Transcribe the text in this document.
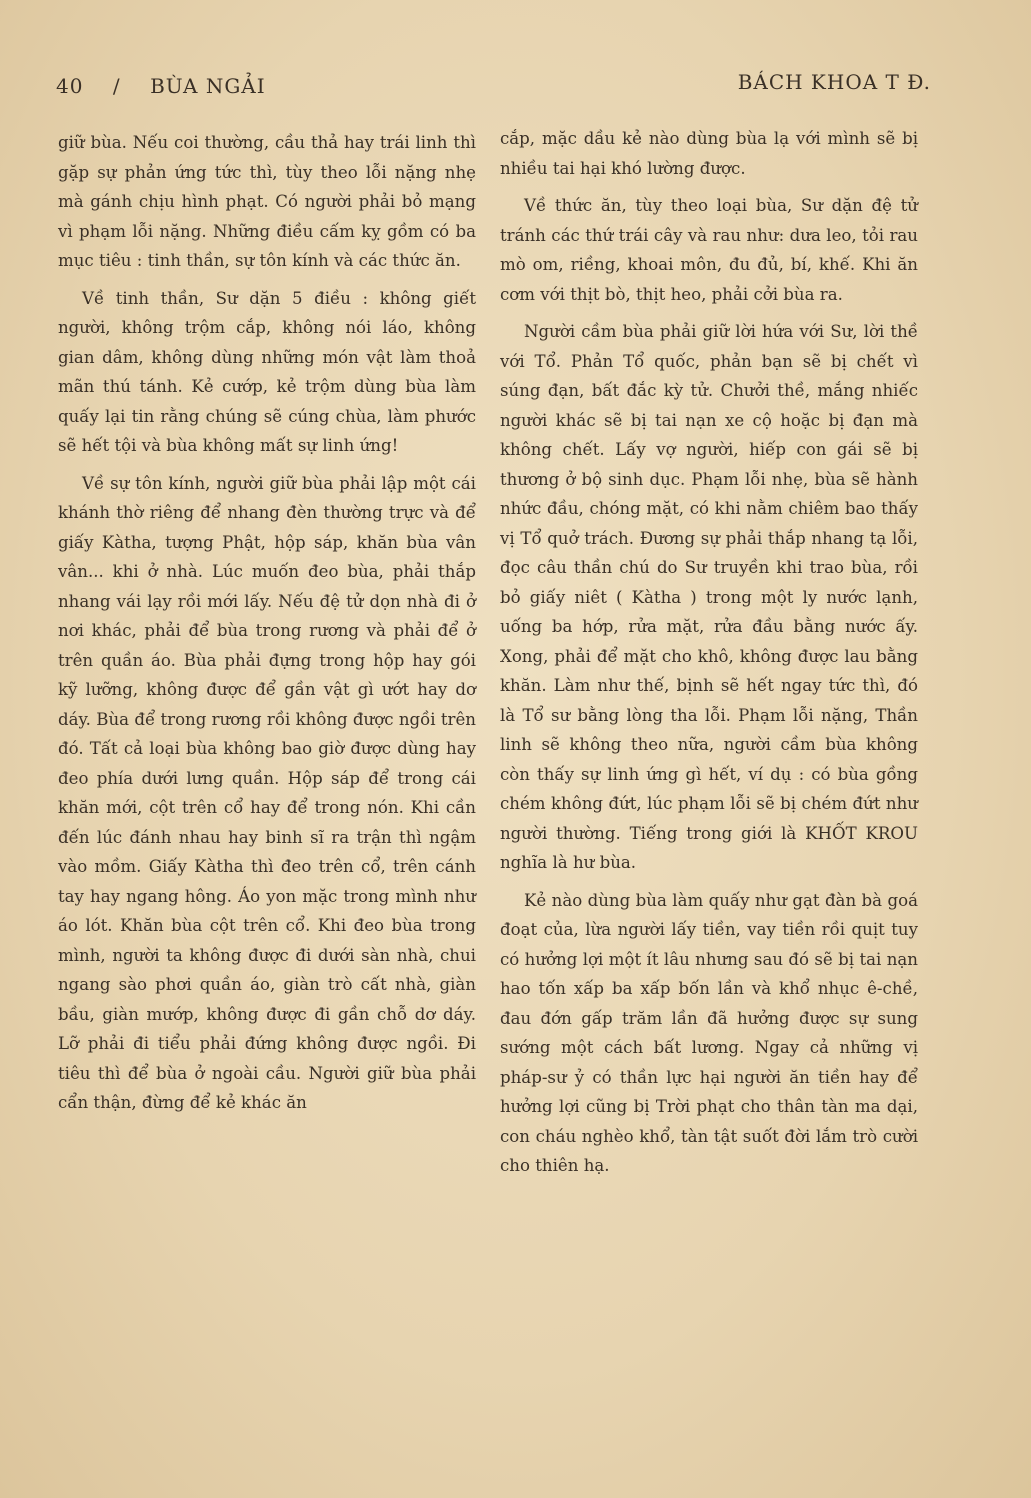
40 / BÙA NGẢI	BÁCH KHOA T Đ.

giữ bùa. Nếu coi thường, cầu thả hay trái linh thì gặp sự phản ứng tức thì, tùy theo lỗi nặng nhẹ mà gánh chịu hình phạt. Có người phải bỏ mạng vì phạm lỗi nặng. Những điều cấm kỵ gồm có ba mục tiêu : tinh thần, sự tôn kính và các thức ăn.

Về tinh thần, Sư dặn 5 điều : không giết người, không trộm cắp, không nói láo, không gian dâm, không dùng những món vật làm thoả mãn thú tánh. Kẻ cướp, kẻ trộm dùng bùa làm quấy lại tin rằng chúng sẽ cúng chùa, làm phước sẽ hết tội và bùa không mất sự linh ứng!

Về sự tôn kính, người giữ bùa phải lập một cái khánh thờ riêng để nhang đèn thường trực và để giấy Kàtha, tượng Phật, hộp sáp, khăn bùa vân vân... khi ở nhà. Lúc muốn đeo bùa, phải thắp nhang vái lạy rồi mới lấy. Nếu đệ tử dọn nhà đi ở nơi khác, phải để bùa trong rương và phải để ở trên quần áo. Bùa phải đựng trong hộp hay gói kỹ lưỡng, không được để gần vật gì ướt hay dơ dáy. Bùa để trong rương rồi không được ngồi trên đó. Tất cả loại bùa không bao giờ được dùng hay đeo phía dưới lưng quần. Hộp sáp để trong cái khăn mới, cột trên cổ hay để trong nón. Khi cần đến lúc đánh nhau hay binh sĩ ra trận thì ngậm vào mồm. Giấy Kàtha thì đeo trên cổ, trên cánh tay hay ngang hông. Áo yon mặc trong mình như áo lót. Khăn bùa cột trên cổ. Khi đeo bùa trong mình, người ta không được đi dưới sàn nhà, chui ngang sào phơi quần áo, giàn trò cất nhà, giàn bầu, giàn mướp, không được đi gần chỗ dơ dáy. Lỡ phải đi tiểu phải đứng không được ngồi. Đi tiêu thì để bùa ở ngoài cầu. Người giữ bùa phải cẩn thận, đừng để kẻ khác ăn

cắp, mặc dầu kẻ nào dùng bùa lạ với mình sẽ bị nhiều tai hại khó lường được.

Về thức ăn, tùy theo loại bùa, Sư dặn đệ tử tránh các thứ trái cây và rau như: dưa leo, tỏi rau mò om, riềng, khoai môn, đu đủ, bí, khế. Khi ăn cơm với thịt bò, thịt heo, phải cởi bùa ra.

Người cầm bùa phải giữ lời hứa với Sư, lời thề với Tổ. Phản Tổ quốc, phản bạn sẽ bị chết vì súng đạn, bất đắc kỳ tử. Chưởi thề, mắng nhiếc người khác sẽ bị tai nạn xe cộ hoặc bị đạn mà không chết. Lấy vợ người, hiếp con gái sẽ bị thương ở bộ sinh dục. Phạm lỗi nhẹ, bùa sẽ hành nhức đầu, chóng mặt, có khi nằm chiêm bao thấy vị Tổ quở trách. Đương sự phải thắp nhang tạ lỗi, đọc câu thần chú do Sư truyền khi trao bùa, rồi bỏ giấy niêt ( Kàtha ) trong một ly nước lạnh, uống ba hớp, rửa mặt, rửa đầu bằng nước ấy. Xong, phải để mặt cho khô, không được lau bằng khăn. Làm như thế, bịnh sẽ hết ngay tức thì, đó là Tổ sư bằng lòng tha lỗi. Phạm lỗi nặng, Thần linh sẽ không theo nữa, người cầm bùa không còn thấy sự linh ứng gì hết, ví dụ : có bùa gồng chém không đứt, lúc phạm lỗi sẽ bị chém đứt như người thường. Tiếng trong giới là KHỐT KROU nghĩa là hư bùa.

Kẻ nào dùng bùa làm quấy như gạt đàn bà goá đoạt của, lừa người lấy tiền, vay tiền rồi quịt tuy có hưởng lợi một ít lâu nhưng sau đó sẽ bị tai nạn hao tốn xấp ba xấp bốn lần và khổ nhục ê-chề, đau đớn gấp trăm lần đã hưởng được sự sung sướng một cách bất lương. Ngay cả những vị pháp-sư ỷ có thần lực hại người ăn tiền hay để hưởng lợi cũng bị Trời phạt cho thân tàn ma dại, con cháu nghèo khổ, tàn tật suốt đời lắm trò cười cho thiên hạ.
